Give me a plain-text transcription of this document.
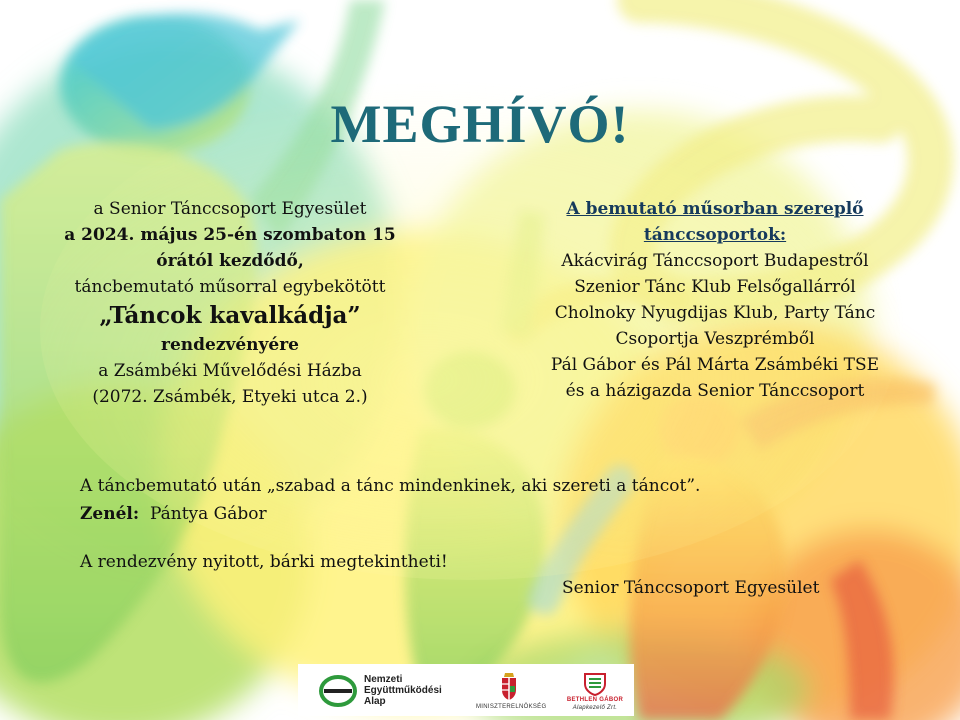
MEGHÍVÓ!
a Senior Tánccsoport Egyesület
a 2024. május 25-én szombaton 15
órától kezdődő,
táncbemutató műsorral egybekötött
„Táncok kavalkádja”
rendezvényére
a Zsámbéki Művelődési Házba
(2072. Zsámbék, Etyeki utca 2.)
A bemutató műsorban szereplő
tánccsoportok:
Akácvirág Tánccsoport Budapestről
Szenior Tánc Klub Felsőgallárról
Cholnoky Nyugdijas Klub, Party Tánc
Csoportja Veszprémből
Pál Gábor és Pál Márta Zsámbéki TSE
és a házigazda Senior Tánccsoport
A táncbemutató után „szabad a tánc mindenkinek, aki szereti a táncot”.
Zenél: Pántya Gábor
A rendezvény nyitott, bárki megtekintheti!
Senior Tánccsoport Egyesület
Nemzeti
Együttműködési
Alap	MINISZTERELNÖKSÉG
BETHLEN GÁBOR
Alapkezelő Zrt.
